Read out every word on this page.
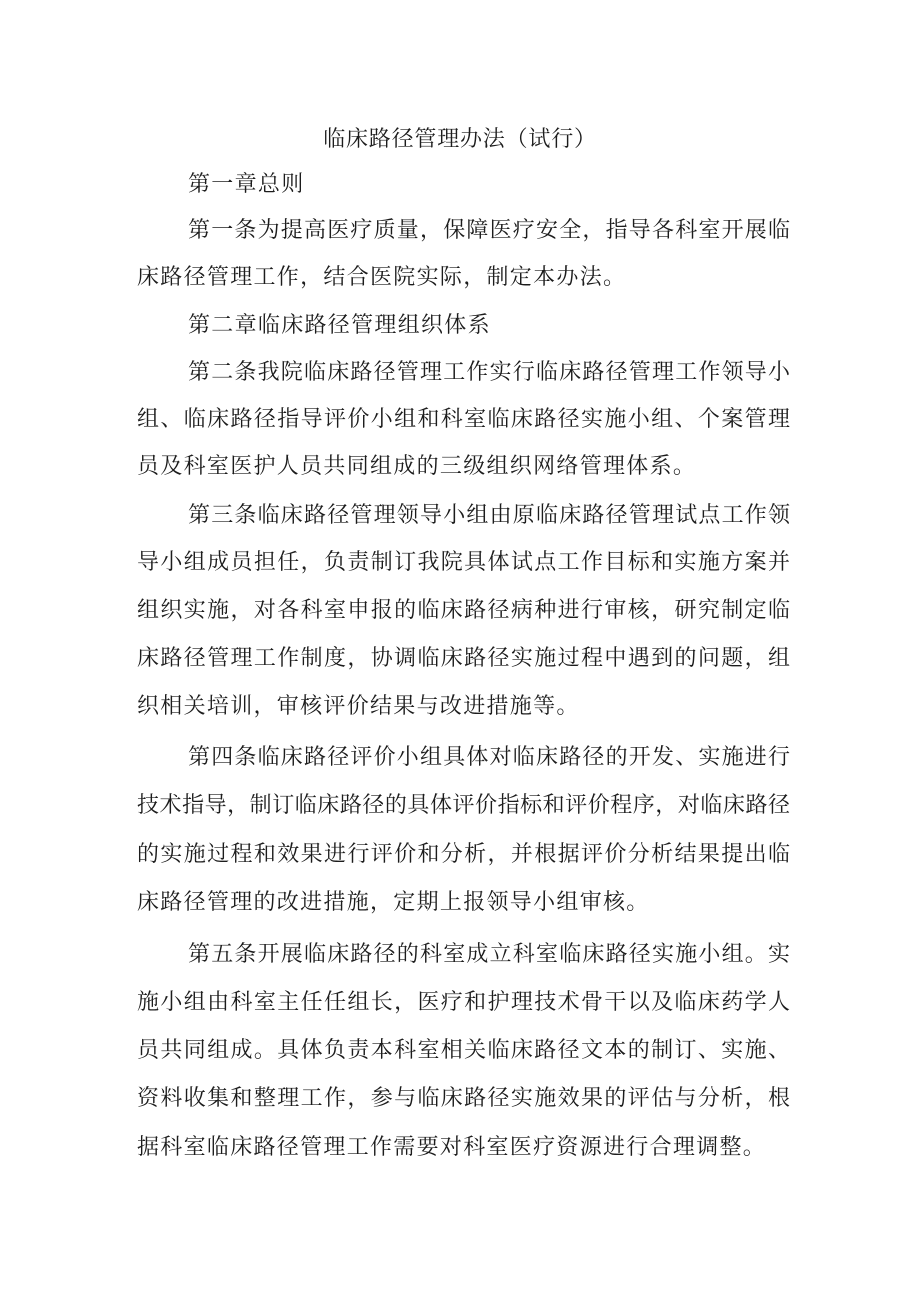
临床路径管理办法（试行）
第一章总则
第一条为提高医疗质量，保障医疗安全，指导各科室开展临
床路径管理工作，结合医院实际，制定本办法。
第二章临床路径管理组织体系
第二条我院临床路径管理工作实行临床路径管理工作领导小
组、临床路径指导评价小组和科室临床路径实施小组、个案管理
员及科室医护人员共同组成的三级组织网络管理体系。
第三条临床路径管理领导小组由原临床路径管理试点工作领
导小组成员担任，负责制订我院具体试点工作目标和实施方案并
组织实施，对各科室申报的临床路径病种进行审核，研究制定临
床路径管理工作制度，协调临床路径实施过程中遇到的问题，组
织相关培训，审核评价结果与改进措施等。
第四条临床路径评价小组具体对临床路径的开发、实施进行
技术指导，制订临床路径的具体评价指标和评价程序，对临床路径
的实施过程和效果进行评价和分析，并根据评价分析结果提出临
床路径管理的改进措施，定期上报领导小组审核。
第五条开展临床路径的科室成立科室临床路径实施小组。实
施小组由科室主任任组长，医疗和护理技术骨干以及临床药学人
员共同组成。具体负责本科室相关临床路径文本的制订、实施、
资料收集和整理工作，参与临床路径实施效果的评估与分析，根
据科室临床路径管理工作需要对科室医疗资源进行合理调整。
